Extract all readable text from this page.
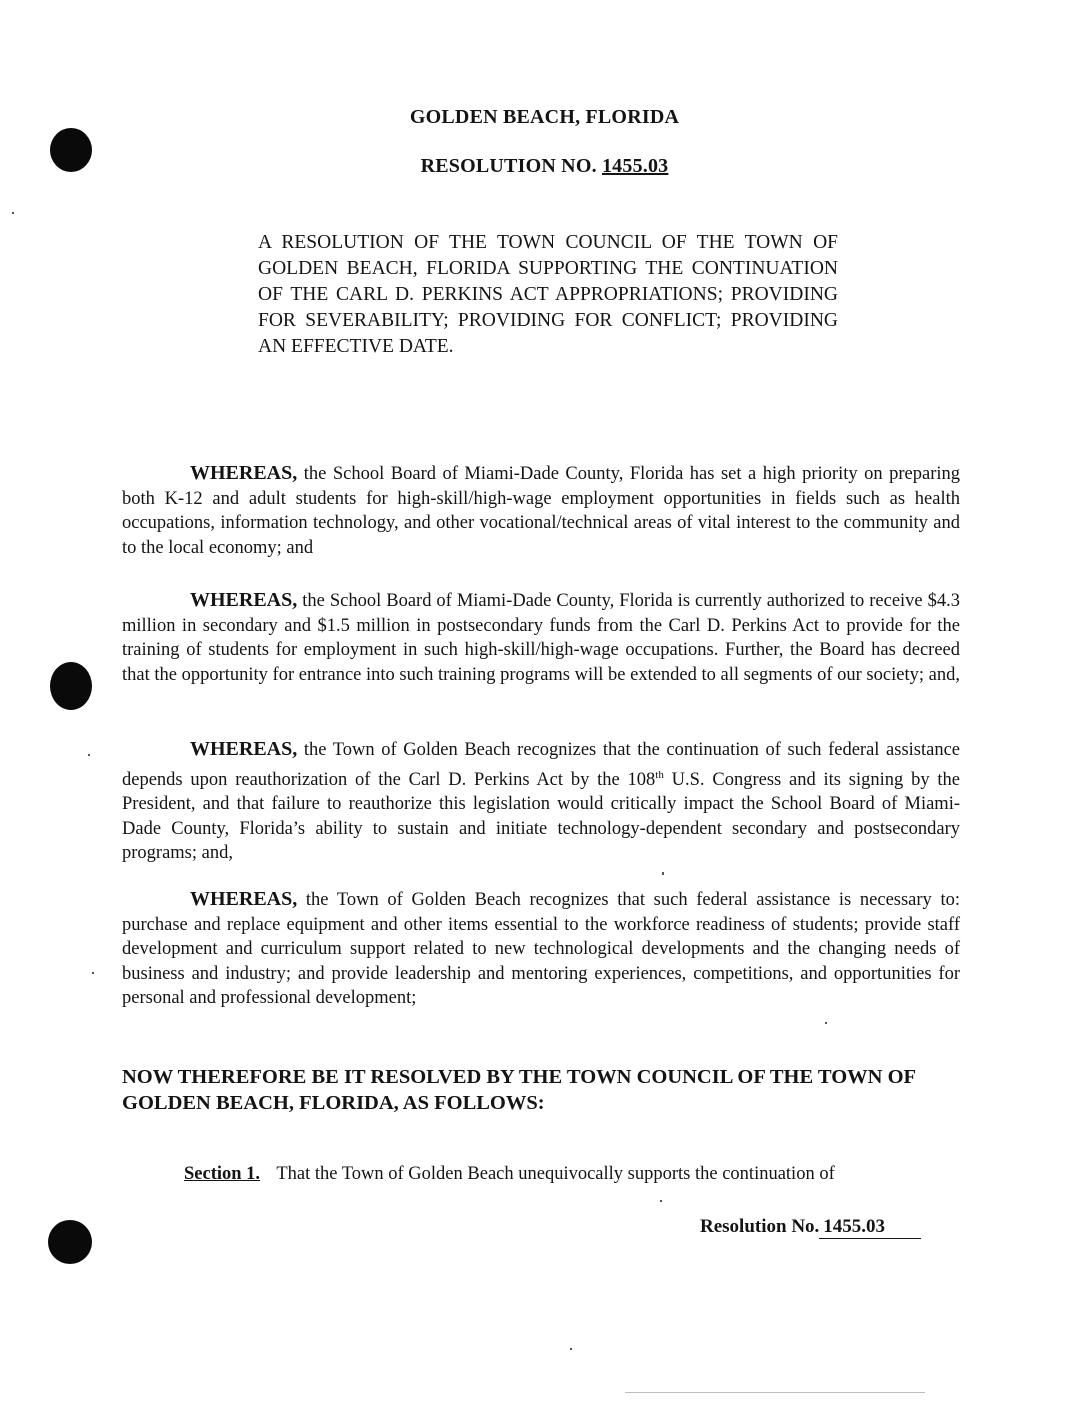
GOLDEN BEACH, FLORIDA
RESOLUTION NO. 1455.03
A RESOLUTION OF THE TOWN COUNCIL OF THE TOWN OF GOLDEN BEACH, FLORIDA SUPPORTING THE CONTINUATION OF THE CARL D. PERKINS ACT APPROPRIATIONS; PROVIDING FOR SEVERABILITY; PROVIDING FOR CONFLICT; PROVIDING AN EFFECTIVE DATE.
WHEREAS, the School Board of Miami-Dade County, Florida has set a high priority on preparing both K-12 and adult students for high-skill/high-wage employment opportunities in fields such as health occupations, information technology, and other vocational/technical areas of vital interest to the community and to the local economy; and
WHEREAS, the School Board of Miami-Dade County, Florida is currently authorized to receive $4.3 million in secondary and $1.5 million in postsecondary funds from the Carl D. Perkins Act to provide for the training of students for employment in such high-skill/high-wage occupations. Further, the Board has decreed that the opportunity for entrance into such training programs will be extended to all segments of our society; and,
WHEREAS, the Town of Golden Beach recognizes that the continuation of such federal assistance depends upon reauthorization of the Carl D. Perkins Act by the 108th U.S. Congress and its signing by the President, and that failure to reauthorize this legislation would critically impact the School Board of Miami-Dade County, Florida’s ability to sustain and initiate technology-dependent secondary and postsecondary programs; and,
WHEREAS, the Town of Golden Beach recognizes that such federal assistance is necessary to: purchase and replace equipment and other items essential to the workforce readiness of students; provide staff development and curriculum support related to new technological developments and the changing needs of business and industry; and provide leadership and mentoring experiences, competitions, and opportunities for personal and professional development;
NOW THEREFORE BE IT RESOLVED BY THE TOWN COUNCIL OF THE TOWN OF GOLDEN BEACH, FLORIDA, AS FOLLOWS:
Section 1. That the Town of Golden Beach unequivocally supports the continuation of
Resolution No. 1455.03
